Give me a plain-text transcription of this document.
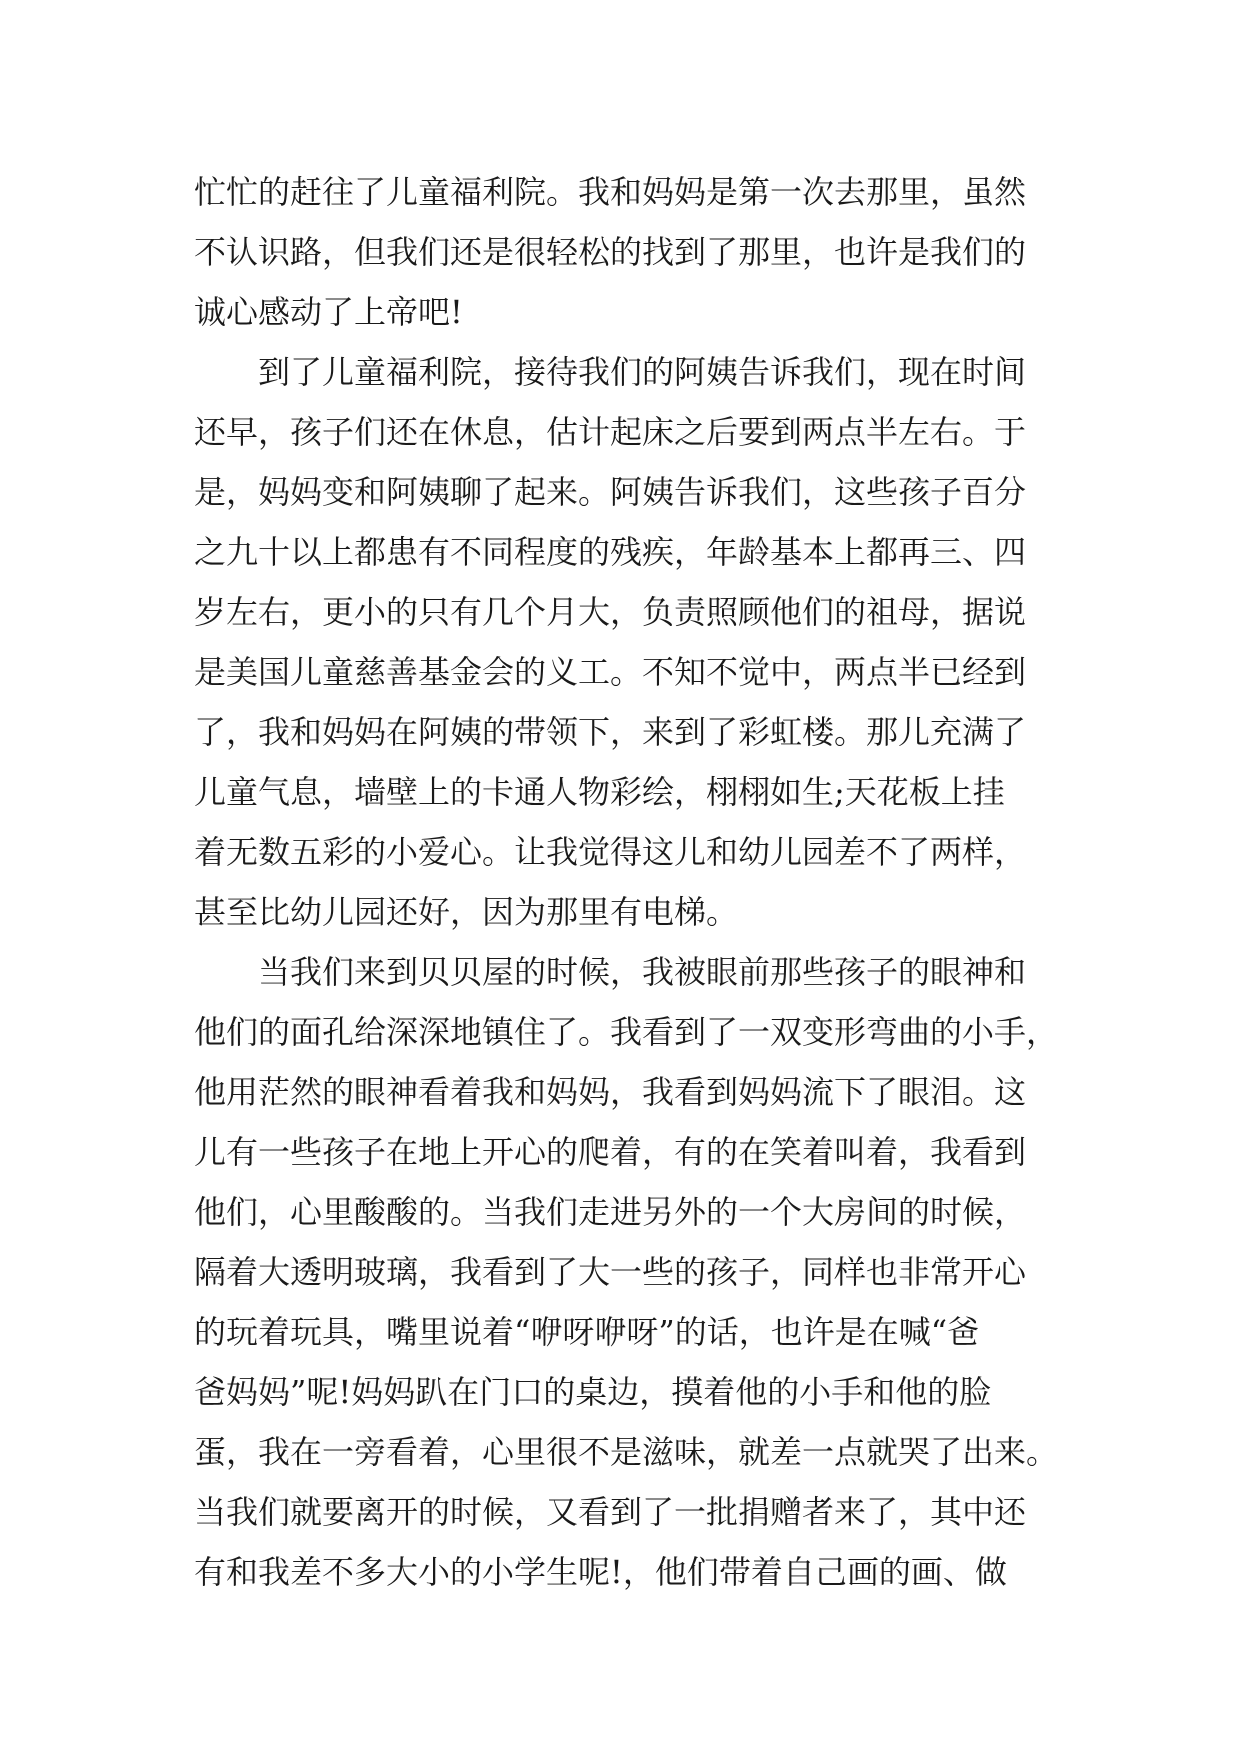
忙忙的赶往了儿童福利院。我和妈妈是第一次去那里，虽然
不认识路，但我们还是很轻松的找到了那里，也许是我们的
诚心感动了上帝吧!
到了儿童福利院，接待我们的阿姨告诉我们，现在时间
还早，孩子们还在休息，估计起床之后要到两点半左右。于
是，妈妈变和阿姨聊了起来。阿姨告诉我们，这些孩子百分
之九十以上都患有不同程度的残疾，年龄基本上都再三、四
岁左右，更小的只有几个月大，负责照顾他们的祖母，据说
是美国儿童慈善基金会的义工。不知不觉中，两点半已经到
了，我和妈妈在阿姨的带领下，来到了彩虹楼。那儿充满了
儿童气息，墙壁上的卡通人物彩绘，栩栩如生;天花板上挂
着无数五彩的小爱心。让我觉得这儿和幼儿园差不了两样，
甚至比幼儿园还好，因为那里有电梯。
当我们来到贝贝屋的时候，我被眼前那些孩子的眼神和
他们的面孔给深深地镇住了。我看到了一双变形弯曲的小手，
他用茫然的眼神看着我和妈妈，我看到妈妈流下了眼泪。这
儿有一些孩子在地上开心的爬着，有的在笑着叫着，我看到
他们，心里酸酸的。当我们走进另外的一个大房间的时候，
隔着大透明玻璃，我看到了大一些的孩子，同样也非常开心
的玩着玩具，嘴里说着“咿呀咿呀”的话，也许是在喊“爸
爸妈妈”呢!妈妈趴在门口的桌边，摸着他的小手和他的脸
蛋，我在一旁看着，心里很不是滋味，就差一点就哭了出来。
当我们就要离开的时候，又看到了一批捐赠者来了，其中还
有和我差不多大小的小学生呢!，他们带着自己画的画、做
